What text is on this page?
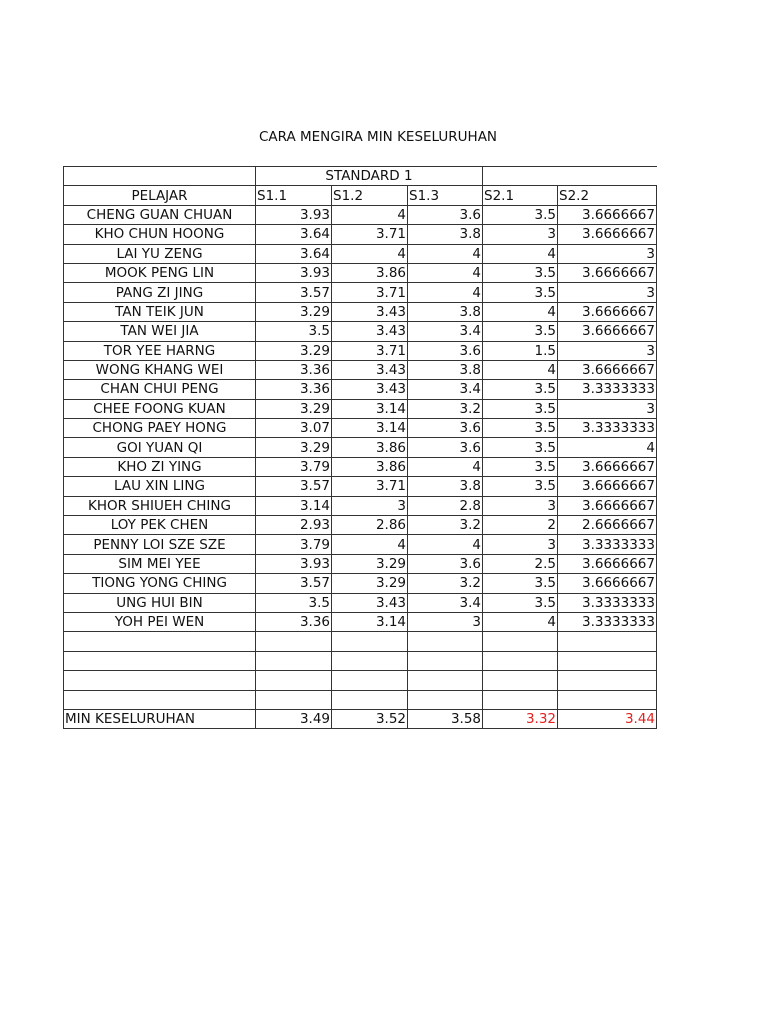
CARA MENGIRA MIN KESELURUHAN
	STANDARD 1				
PELAJAR	S1.1	S1.2	S1.3	S2.1	S2.2
CHENG GUAN CHUAN	3.93	4	3.6	3.5	3.6666667
KHO CHUN HOONG	3.64	3.71	3.8	3	3.6666667
LAI YU ZENG	3.64	4	4	4	3
MOOK PENG LIN	3.93	3.86	4	3.5	3.6666667
PANG ZI JING	3.57	3.71	4	3.5	3
TAN TEIK JUN	3.29	3.43	3.8	4	3.6666667
TAN WEI JIA	3.5	3.43	3.4	3.5	3.6666667
TOR YEE HARNG	3.29	3.71	3.6	1.5	3
WONG KHANG WEI	3.36	3.43	3.8	4	3.6666667
CHAN CHUI PENG	3.36	3.43	3.4	3.5	3.3333333
CHEE FOONG KUAN	3.29	3.14	3.2	3.5	3
CHONG PAEY HONG	3.07	3.14	3.6	3.5	3.3333333
GOI YUAN QI	3.29	3.86	3.6	3.5	4
KHO ZI YING	3.79	3.86	4	3.5	3.6666667
LAU XIN LING	3.57	3.71	3.8	3.5	3.6666667
KHOR SHIUEH CHING	3.14	3	2.8	3	3.6666667
LOY PEK CHEN	2.93	2.86	3.2	2	2.6666667
PENNY LOI SZE SZE	3.79	4	4	3	3.3333333
SIM MEI YEE	3.93	3.29	3.6	2.5	3.6666667
TIONG YONG CHING	3.57	3.29	3.2	3.5	3.6666667
UNG HUI BIN	3.5	3.43	3.4	3.5	3.3333333
YOH PEI WEN	3.36	3.14	3	4	3.3333333

MIN KESELURUHAN	3.49	3.52	3.58	3.32	3.44
